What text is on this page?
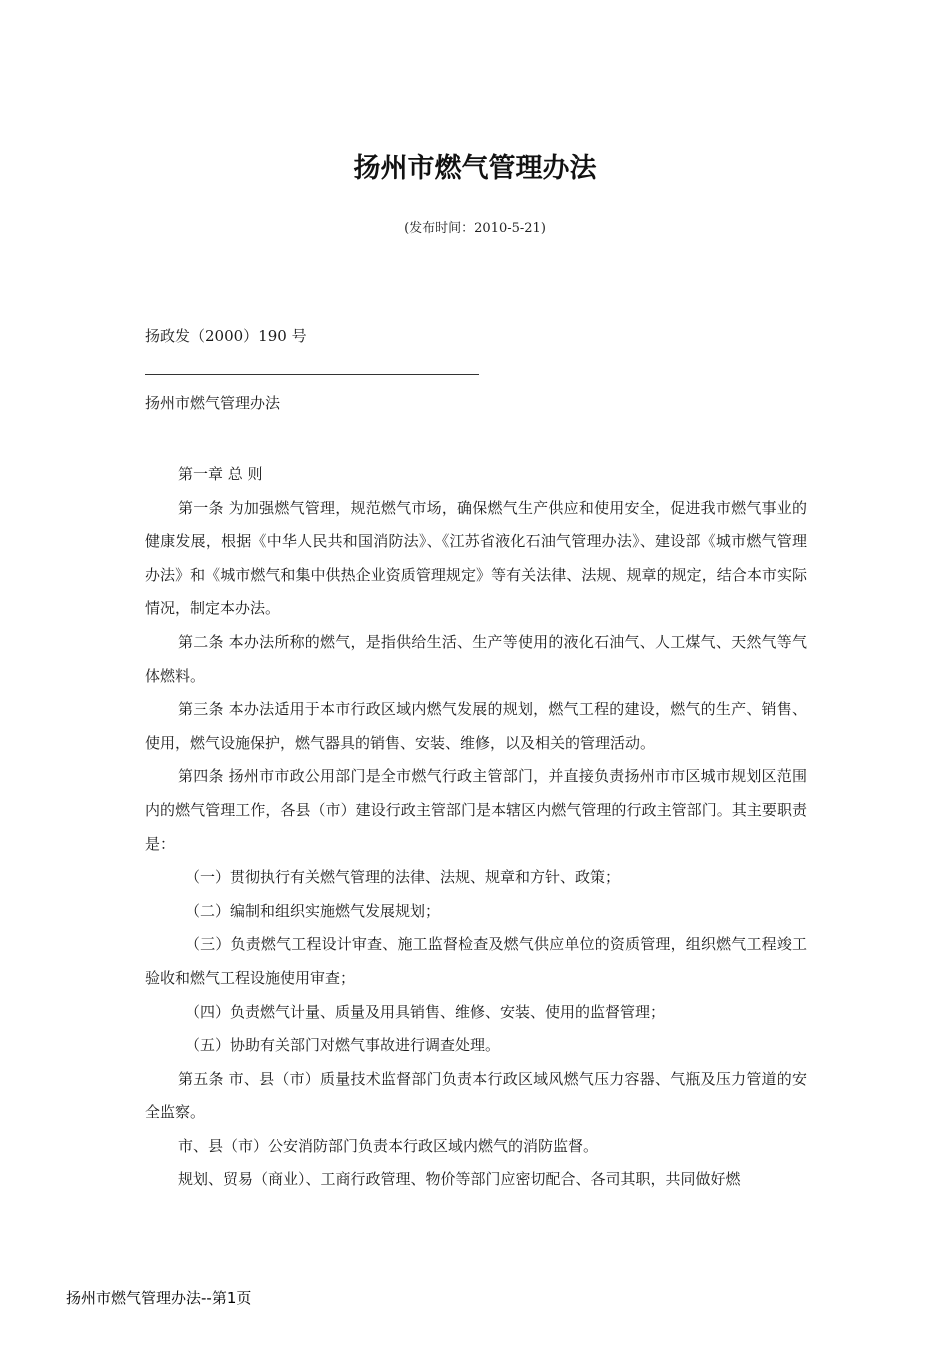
扬州市燃气管理办法
(发布时间：2010-5-21)
扬政发（2000）190 号
扬州市燃气管理办法

第一章 总 则

第一条 为加强燃气管理，规范燃气市场，确保燃气生产供应和使用安全，促进我市燃气事业的健康发展，根据《中华人民共和国消防法》、《江苏省液化石油气管理办法》、建设部《城市燃气管理办法》和《城市燃气和集中供热企业资质管理规定》等有关法律、法规、规章的规定，结合本市实际情况，制定本办法。

第二条 本办法所称的燃气，是指供给生活、生产等使用的液化石油气、人工煤气、天然气等气体燃料。

第三条 本办法适用于本市行政区域内燃气发展的规划，燃气工程的建设，燃气的生产、销售、使用，燃气设施保护，燃气器具的销售、安装、维修，以及相关的管理活动。

第四条 扬州市市政公用部门是全市燃气行政主管部门，并直接负责扬州市市区城市规划区范围内的燃气管理工作，各县（市）建设行政主管部门是本辖区内燃气管理的行政主管部门。其主要职责是：

（一）贯彻执行有关燃气管理的法律、法规、规章和方针、政策；

（二）编制和组织实施燃气发展规划；

（三）负责燃气工程设计审查、施工监督检查及燃气供应单位的资质管理，组织燃气工程竣工验收和燃气工程设施使用审查；

（四）负责燃气计量、质量及用具销售、维修、安装、使用的监督管理；

（五）协助有关部门对燃气事故进行调查处理。

第五条 市、县（市）质量技术监督部门负责本行政区域风燃气压力容器、气瓶及压力管道的安全监察。

市、县（市）公安消防部门负责本行政区域内燃气的消防监督。

规划、贸易（商业）、工商行政管理、物价等部门应密切配合、各司其职，共同做好燃

扬州市燃气管理办法--第1页
